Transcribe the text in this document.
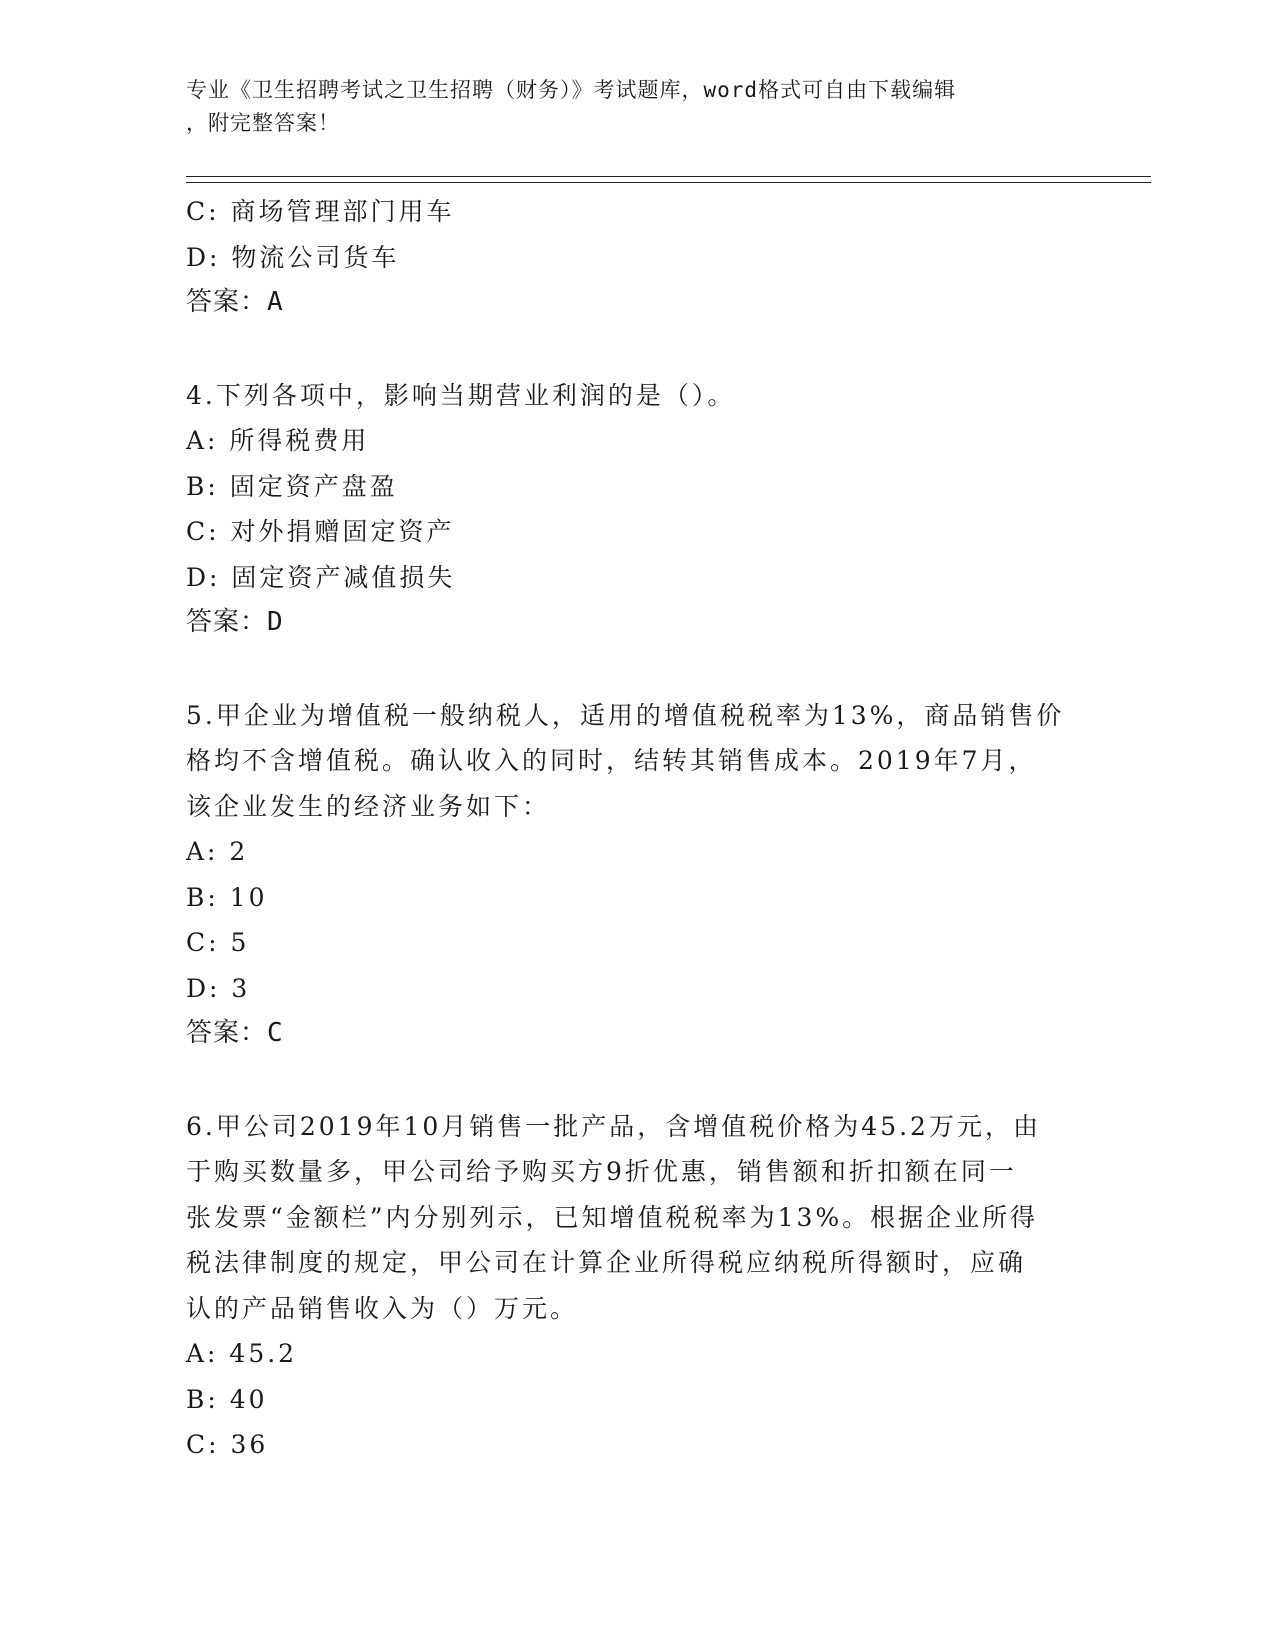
专业《卫生招聘考试之卫生招聘（财务）》考试题库，word格式可自由下载编辑
，附完整答案！
C: 商场管理部门用车
D: 物流公司货车
答案：A
4.下列各项中，影响当期营业利润的是（）。
A: 所得税费用
B: 固定资产盘盈
C: 对外捐赠固定资产
D: 固定资产减值损失
答案：D
5.甲企业为增值税一般纳税人，适用的增值税税率为13%，商品销售价
格均不含增值税。确认收入的同时，结转其销售成本。2019年7月，
该企业发生的经济业务如下：
A: 2
B: 10
C: 5
D: 3
答案：C
6.甲公司2019年10月销售一批产品，含增值税价格为45.2万元，由
于购买数量多，甲公司给予购买方9折优惠，销售额和折扣额在同一
张发票“金额栏”内分别列示，已知增值税税率为13%。根据企业所得
税法律制度的规定，甲公司在计算企业所得税应纳税所得额时，应确
认的产品销售收入为（）万元。
A: 45.2
B: 40
C: 36
